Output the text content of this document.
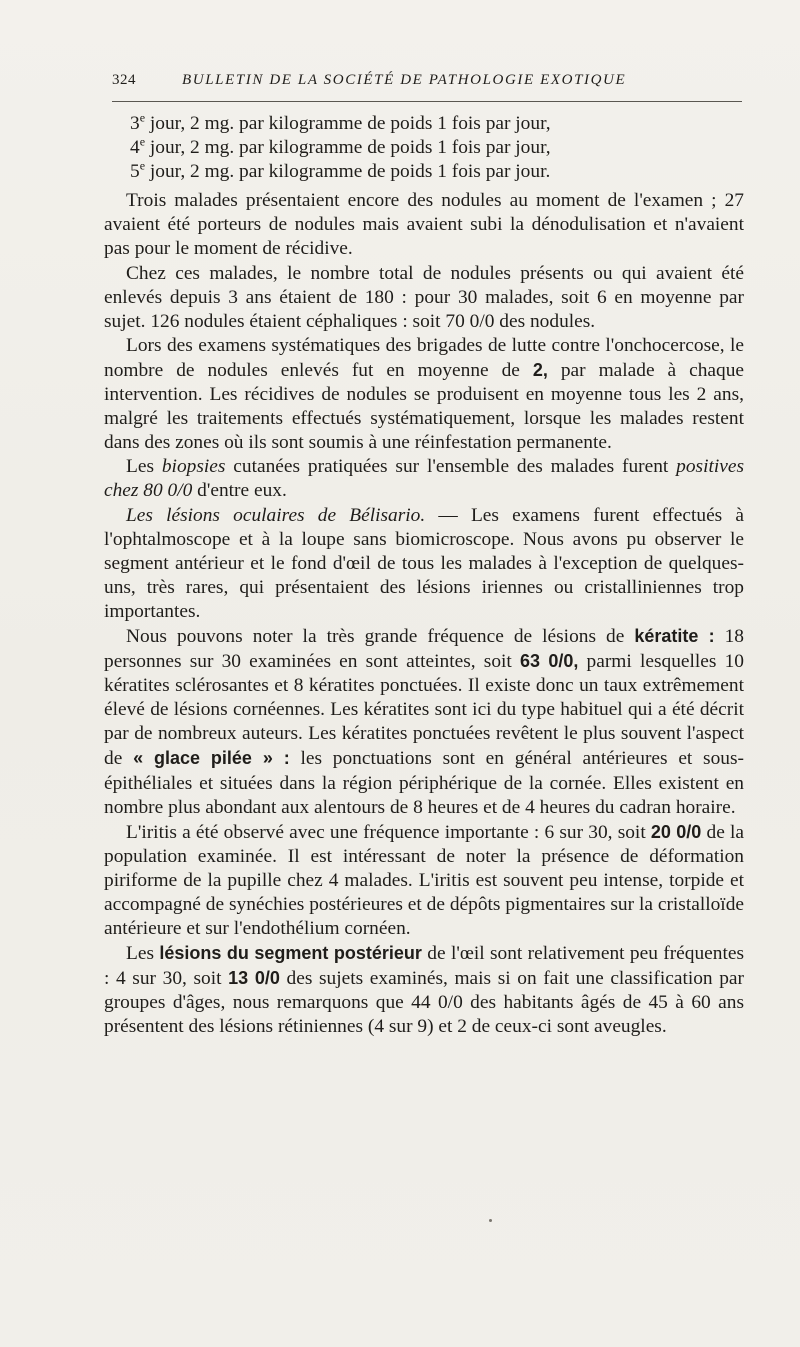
324	BULLETIN DE LA SOCIÉTÉ DE PATHOLOGIE EXOTIQUE

3e jour, 2 mg. par kilogramme de poids 1 fois par jour,

4e jour, 2 mg. par kilogramme de poids 1 fois par jour,

5e jour, 2 mg. par kilogramme de poids 1 fois par jour.

Trois malades présentaient encore des nodules au moment de l'examen ; 27 avaient été porteurs de nodules mais avaient subi la dénodulisation et n'avaient pas pour le moment de récidive.

Chez ces malades, le nombre total de nodules présents ou qui avaient été enlevés depuis 3 ans étaient de 180 : pour 30 malades, soit 6 en moyenne par sujet. 126 nodules étaient céphaliques : soit 70 0/0 des nodules.

Lors des examens systématiques des brigades de lutte contre l'onchocercose, le nombre de nodules enlevés fut en moyenne de 2, par malade à chaque intervention. Les récidives de nodules se produisent en moyenne tous les 2 ans, malgré les traitements effectués systématiquement, lorsque les malades restent dans des zones où ils sont soumis à une réinfestation permanente.

Les biopsies cutanées pratiquées sur l'ensemble des malades furent positives chez 80 0/0 d'entre eux.

Les lésions oculaires de Bélisario. — Les examens furent effectués à l'ophtalmoscope et à la loupe sans biomicroscope. Nous avons pu observer le segment antérieur et le fond d'œil de tous les malades à l'exception de quelques-uns, très rares, qui présentaient des lésions iriennes ou cristalliniennes trop importantes.

Nous pouvons noter la très grande fréquence de lésions de kératite : 18 personnes sur 30 examinées en sont atteintes, soit 63 0/0, parmi lesquelles 10 kératites sclérosantes et 8 kératites ponctuées. Il existe donc un taux extrêmement élevé de lésions cornéennes. Les kératites sont ici du type habituel qui a été décrit par de nombreux auteurs. Les kératites ponctuées revêtent le plus souvent l'aspect de « glace pilée » : les ponctuations sont en général antérieures et sous-épithéliales et situées dans la région périphérique de la cornée. Elles existent en nombre plus abondant aux alentours de 8 heures et de 4 heures du cadran horaire.

L'iritis a été observé avec une fréquence importante : 6 sur 30, soit 20 0/0 de la population examinée. Il est intéressant de noter la présence de déformation piriforme de la pupille chez 4 malades. L'iritis est souvent peu intense, torpide et accompagné de synéchies postérieures et de dépôts pigmentaires sur la cristalloïde antérieure et sur l'endothélium cornéen.

Les lésions du segment postérieur de l'œil sont relativement peu fréquentes : 4 sur 30, soit 13 0/0 des sujets examinés, mais si on fait une classification par groupes d'âges, nous remarquons que 44 0/0 des habitants âgés de 45 à 60 ans présentent des lésions rétiniennes (4 sur 9) et 2 de ceux-ci sont aveugles.
